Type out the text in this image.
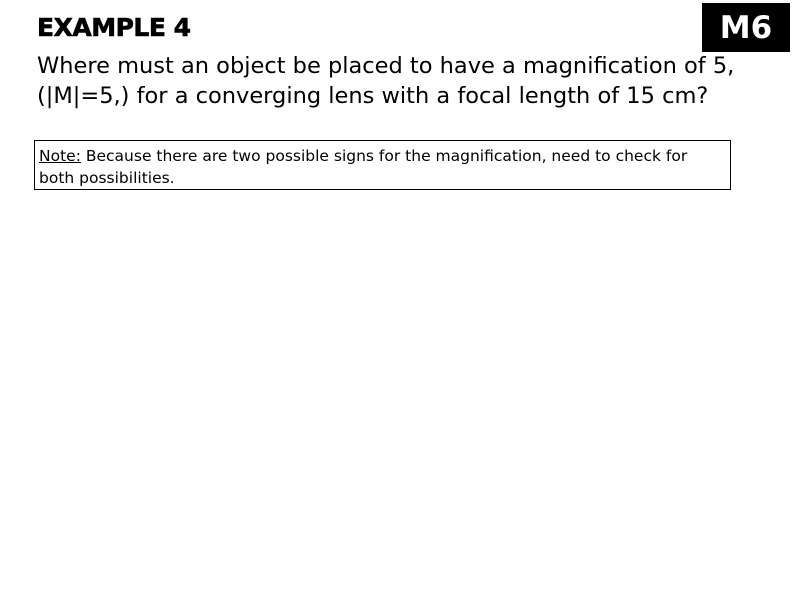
EXAMPLE 4	M6
Where must an object be placed to have a magnification of 5,
(|M|=5,) for a converging lens with a focal length of 15 cm?
Note: Because there are two possible signs for the magnification, need to check for
both possibilities.
